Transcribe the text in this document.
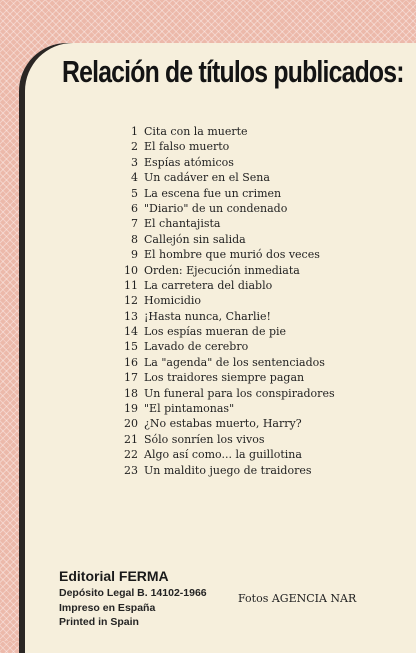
Relación de títulos publicados:
1 Cita con la muerte
2 El falso muerto
3 Espías atómicos
4 Un cadáver en el Sena
5 La escena fue un crimen
6 "Diario" de un condenado
7 El chantajista
8 Callejón sin salida
9 El hombre que murió dos veces
10 Orden: Ejecución inmediata
11 La carretera del diablo
12 Homicidio
13 ¡Hasta nunca, Charlie!
14 Los espías mueran de pie
15 Lavado de cerebro
16 La "agenda" de los sentenciados
17 Los traidores siempre pagan
18 Un funeral para los conspiradores
19 "El pintamonas"
20 ¿No estabas muerto, Harry?
21 Sólo sonríen los vivos
22 Algo así como... la guillotina
23 Un maldito juego de traidores
Editorial FERMA
Depósito Legal B. 14102-1966
Impreso en España
Printed in Spain
Fotos AGENCIA NAR
